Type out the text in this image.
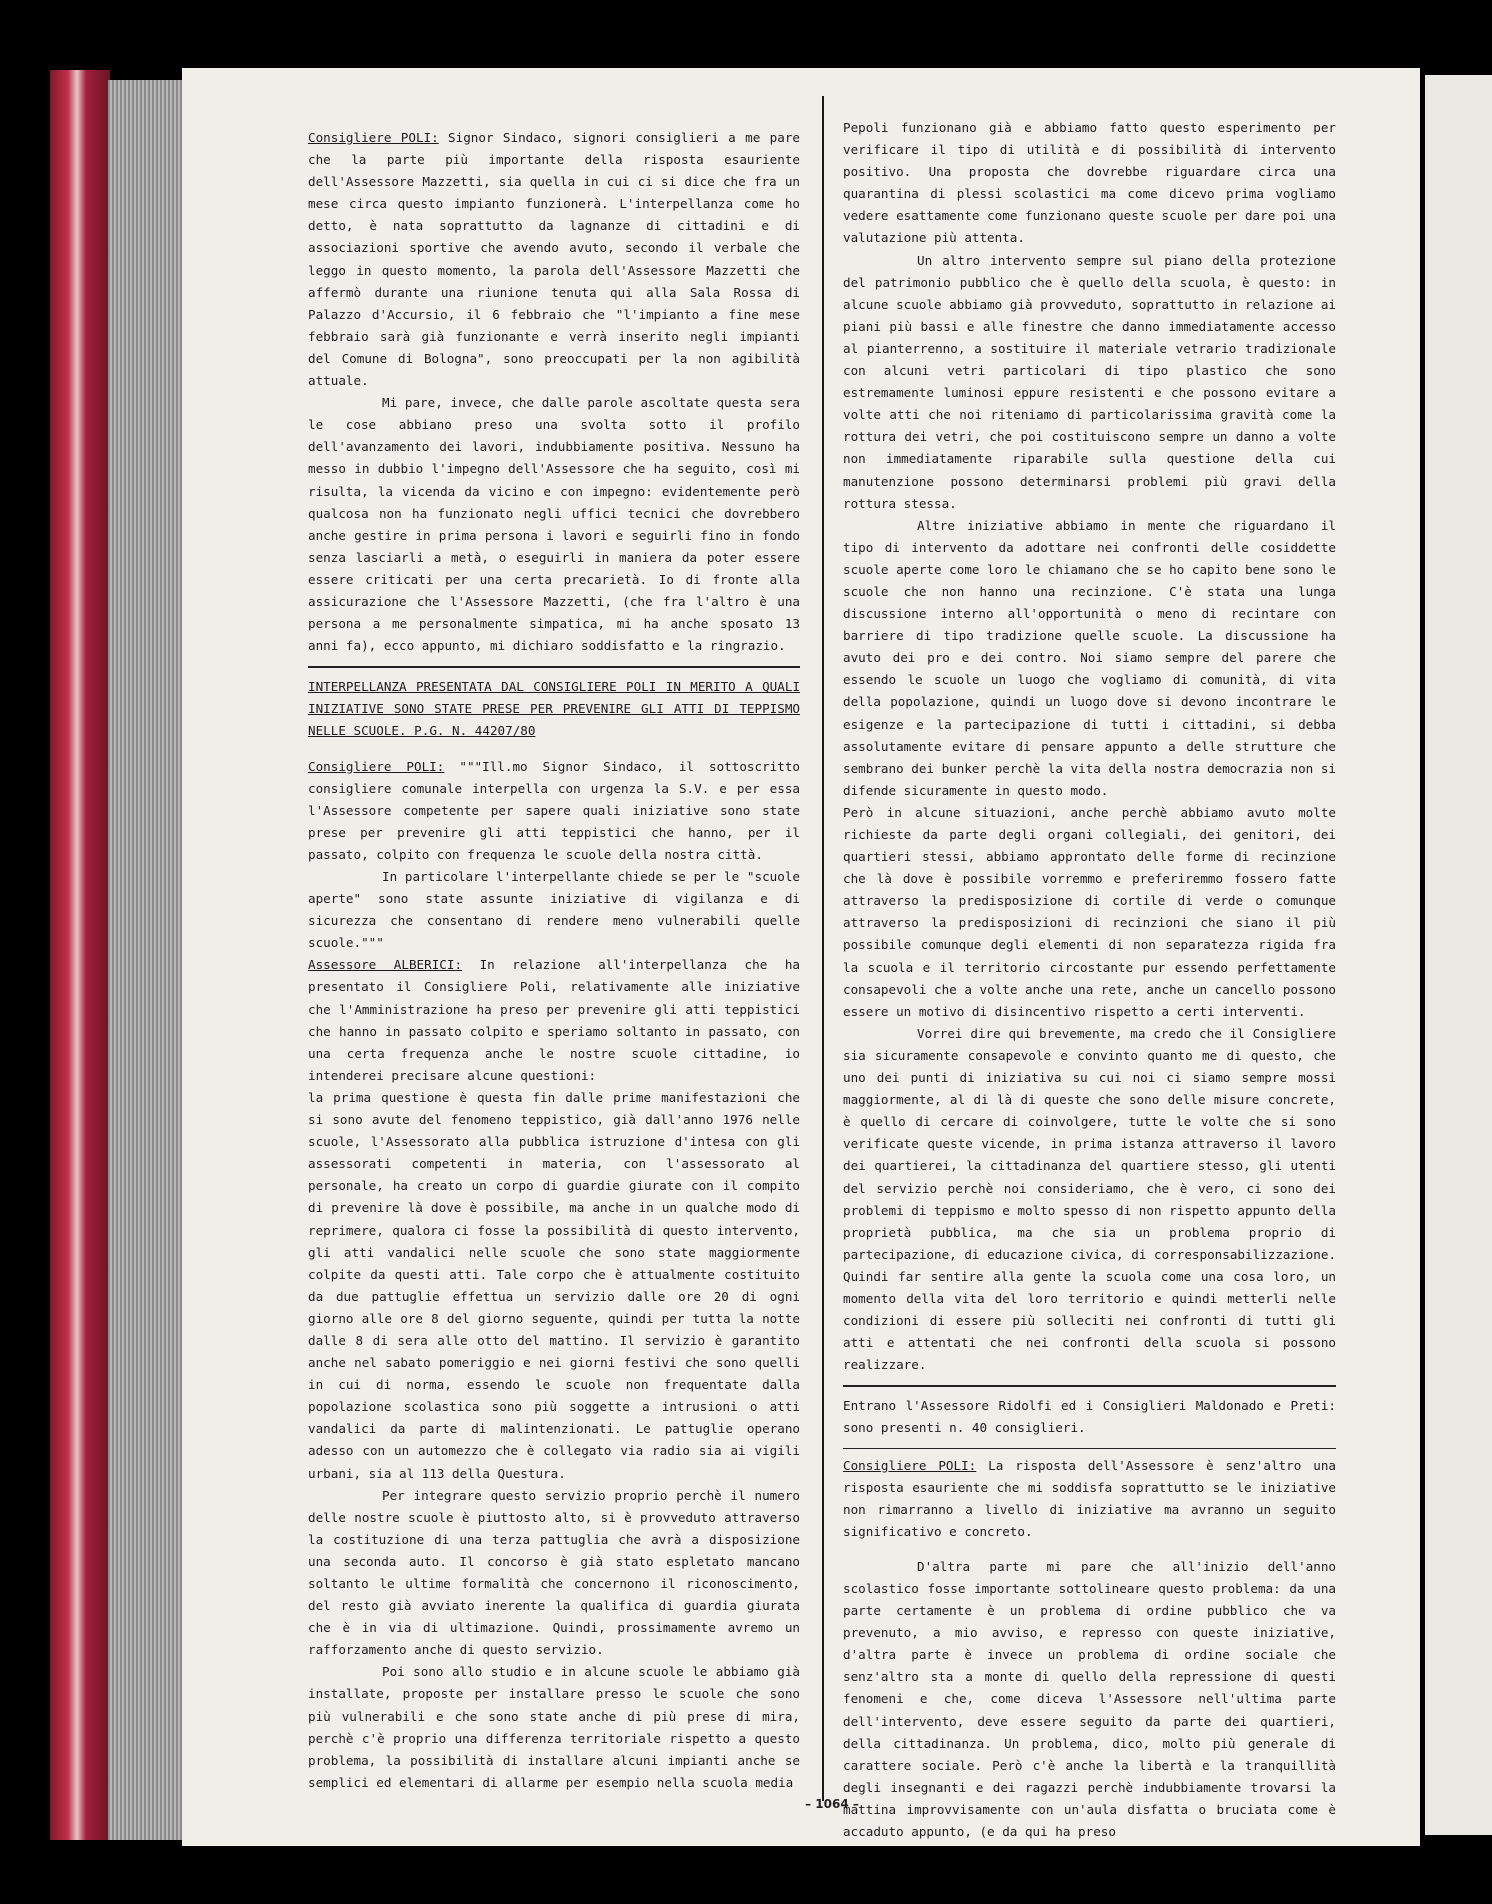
Consigliere POLI: Signor Sindaco, signori consiglieri a me pare che la parte più importante della risposta esauriente dell'Assessore Mazzetti, sia quella in cui ci si dice che fra un mese circa questo impianto funzionerà. L'interpellanza come ho detto, è nata soprattutto da lagnanze di cittadini e di associazioni sportive che avendo avuto, secondo il verbale che leggo in questo momento, la parola dell'Assessore Mazzetti che affermò durante una riunione tenuta qui alla Sala Rossa di Palazzo d'Accursio, il 6 febbraio che "l'impianto a fine mese febbraio sarà già funzionante e verrà inserito negli impianti del Comune di Bologna", sono preoccupati per la non agibilità attuale.

Mi pare, invece, che dalle parole ascoltate questa sera le cose abbiano preso una svolta sotto il profilo dell'avanzamento dei lavori, indubbiamente positiva. Nessuno ha messo in dubbio l'impegno dell'Assessore che ha seguito, così mi risulta, la vicenda da vicino e con impegno: evidentemente però qualcosa non ha funzionato negli uffici tecnici che dovrebbero anche gestire in prima persona i lavori e seguirli fino in fondo senza lasciarli a metà, o eseguirli in maniera da poter essere essere criticati per una certa precarietà. Io di fronte alla assicurazione che l'Assessore Mazzetti, (che fra l'altro è una persona a me personalmente simpatica, mi ha anche sposato 13 anni fa), ecco appunto, mi dichiaro soddisfatto e la ringrazio.

INTERPELLANZA PRESENTATA DAL CONSIGLIERE POLI IN MERITO A QUALI INIZIATIVE SONO STATE PRESE PER PREVENIRE GLI ATTI DI TEPPISMO NELLE SCUOLE. P.G. N. 44207/80

Consigliere POLI: """Ill.mo Signor Sindaco, il sottoscritto consigliere comunale interpella con urgenza la S.V. e per essa l'Assessore competente per sapere quali iniziative sono state prese per prevenire gli atti teppistici che hanno, per il passato, colpito con frequenza le scuole della nostra città.

In particolare l'interpellante chiede se per le "scuole aperte" sono state assunte iniziative di vigilanza e di sicurezza che consentano di rendere meno vulnerabili quelle scuole."""

Assessore ALBERICI: In relazione all'interpellanza che ha presentato il Consigliere Poli, relativamente alle iniziative che l'Amministrazione ha preso per prevenire gli atti teppistici che hanno in passato colpito e speriamo soltanto in passato, con una certa frequenza anche le nostre scuole cittadine, io intenderei precisare alcune questioni:

la prima questione è questa fin dalle prime manifestazioni che si sono avute del fenomeno teppistico, già dall'anno 1976 nelle scuole, l'Assessorato alla pubblica istruzione d'intesa con gli assessorati competenti in materia, con l'assessorato al personale, ha creato un corpo di guardie giurate con il compito di prevenire là dove è possibile, ma anche in un qualche modo di reprimere, qualora ci fosse la possibilità di questo intervento, gli atti vandalici nelle scuole che sono state maggiormente colpite da questi atti. Tale corpo che è attualmente costituito da due pattuglie effettua un servizio dalle ore 20 di ogni giorno alle ore 8 del giorno seguente, quindi per tutta la notte dalle 8 di sera alle otto del mattino. Il servizio è garantito anche nel sabato pomeriggio e nei giorni festivi che sono quelli in cui di norma, essendo le scuole non frequentate dalla popolazione scolastica sono più soggette a intrusioni o atti vandalici da parte di malintenzionati. Le pattuglie operano adesso con un automezzo che è collegato via radio sia ai vigili urbani, sia al 113 della Questura.

Per integrare questo servizio proprio perchè il numero delle nostre scuole è piuttosto alto, si è provveduto attraverso la costituzione di una terza pattuglia che avrà a disposizione una seconda auto. Il concorso è già stato espletato mancano soltanto le ultime formalità che concernono il riconoscimento, del resto già avviato inerente la qualifica di guardia giurata che è in via di ultimazione. Quindi, prossimamente avremo un rafforzamento anche di questo servizio.

Poi sono allo studio e in alcune scuole le abbiamo già installate, proposte per installare presso le scuole che sono più vulnerabili e che sono state anche di più prese di mira, perchè c'è proprio una differenza territoriale rispetto a questo problema, la possibilità di installare alcuni impianti anche se semplici ed elementari di allarme per esempio nella scuola media

Pepoli funzionano già e abbiamo fatto questo esperimento per verificare il tipo di utilità e di possibilità di intervento positivo. Una proposta che dovrebbe riguardare circa una quarantina di plessi scolastici ma come dicevo prima vogliamo vedere esattamente come funzionano queste scuole per dare poi una valutazione più attenta.

Un altro intervento sempre sul piano della protezione del patrimonio pubblico che è quello della scuola, è questo: in alcune scuole abbiamo già provveduto, soprattutto in relazione ai piani più bassi e alle finestre che danno immediatamente accesso al pianterrenno, a sostituire il materiale vetrario tradizionale con alcuni vetri particolari di tipo plastico che sono estremamente luminosi eppure resistenti e che possono evitare a volte atti che noi riteniamo di particolarissima gravità come la rottura dei vetri, che poi costituiscono sempre un danno a volte non immediatamente riparabile sulla questione della cui manutenzione possono determinarsi problemi più gravi della rottura stessa.

Altre iniziative abbiamo in mente che riguardano il tipo di intervento da adottare nei confronti delle cosiddette scuole aperte come loro le chiamano che se ho capito bene sono le scuole che non hanno una recinzione. C'è stata una lunga discussione interno all'opportunità o meno di recintare con barriere di tipo tradizione quelle scuole. La discussione ha avuto dei pro e dei contro. Noi siamo sempre del parere che essendo le scuole un luogo che vogliamo di comunità, di vita della popolazione, quindi un luogo dove si devono incontrare le esigenze e la partecipazione di tutti i cittadini, si debba assolutamente evitare di pensare appunto a delle strutture che sembrano dei bunker perchè la vita della nostra democrazia non si difende sicuramente in questo modo.

Però in alcune situazioni, anche perchè abbiamo avuto molte richieste da parte degli organi collegiali, dei genitori, dei quartieri stessi, abbiamo approntato delle forme di recinzione che là dove è possibile vorremmo e preferiremmo fossero fatte attraverso la predisposizione di cortile di verde o comunque attraverso la predisposizioni di recinzioni che siano il più possibile comunque degli elementi di non separatezza rigida fra la scuola e il territorio circostante pur essendo perfettamente consapevoli che a volte anche una rete, anche un cancello possono essere un motivo di disincentivo rispetto a certi interventi.

Vorrei dire qui brevemente, ma credo che il Consigliere sia sicuramente consapevole e convinto quanto me di questo, che uno dei punti di iniziativa su cui noi ci siamo sempre mossi maggiormente, al di là di queste che sono delle misure concrete, è quello di cercare di coinvolgere, tutte le volte che si sono verificate queste vicende, in prima istanza attraverso il lavoro dei quartierei, la cittadinanza del quartiere stesso, gli utenti del servizio perchè noi consideriamo, che è vero, ci sono dei problemi di teppismo e molto spesso di non rispetto appunto della proprietà pubblica, ma che sia un problema proprio di partecipazione, di educazione civica, di corresponsabilizzazione. Quindi far sentire alla gente la scuola come una cosa loro, un momento della vita del loro territorio e quindi metterli nelle condizioni di essere più solleciti nei confronti di tutti gli atti e attentati che nei confronti della scuola si possono realizzare.

Entrano l'Assessore Ridolfi ed i Consiglieri Maldonado e Preti: sono presenti n. 40 consiglieri.

Consigliere POLI: La risposta dell'Assessore è senz'altro una risposta esauriente che mi soddisfa soprattutto se le iniziative non rimarranno a livello di iniziative ma avranno un seguito significativo e concreto.

D'altra parte mi pare che all'inizio dell'anno scolastico fosse importante sottolineare questo problema: da una parte certamente è un problema di ordine pubblico che va prevenuto, a mio avviso, e represso con queste iniziative, d'altra parte è invece un problema di ordine sociale che senz'altro sta a monte di quello della repressione di questi fenomeni e che, come diceva l'Assessore nell'ultima parte dell'intervento, deve essere seguito da parte dei quartieri, della cittadinanza. Un problema, dico, molto più generale di carattere sociale. Però c'è anche la libertà e la tranquillità degli insegnanti e dei ragazzi perchè indubbiamente trovarsi la mattina improvvisamente con un'aula disfatta o bruciata come è accaduto appunto, (e da qui ha preso

– 1064 –
